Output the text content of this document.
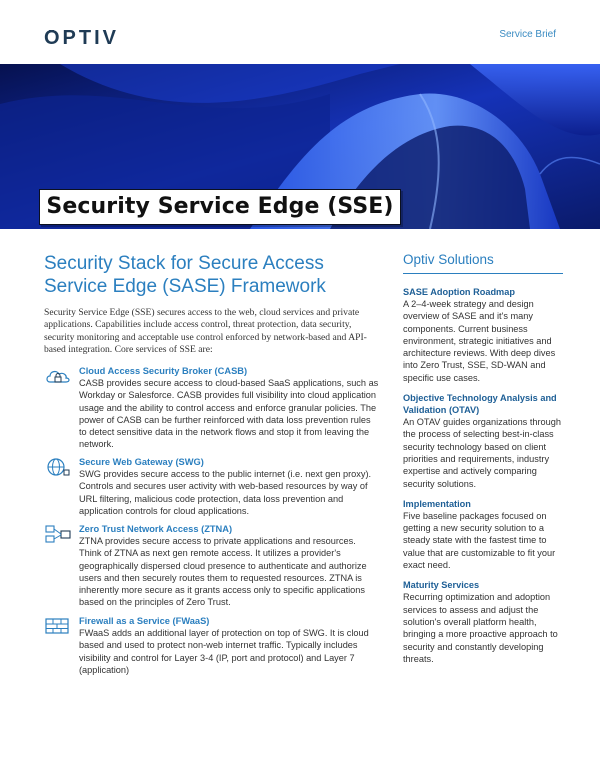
OPTIV	Service Brief
Security Service Edge (SSE)
Security Stack for Secure Access Service Edge (SASE) Framework

Security Service Edge (SSE) secures access to the web, cloud services and private applications. Capabilities include access control, threat protection, data security, security monitoring and acceptable use control enforced by network-based and API-based integration. Core services of SSE are:

Cloud Access Security Broker (CASB)

CASB provides secure access to cloud-based SaaS applications, such as Workday or Salesforce. CASB provides full visibility into cloud application usage and the ability to control access and enforce granular policies. The power of CASB can be further reinforced with data loss prevention rules to detect sensitive data in the network flows and stop it from leaving the network.

Secure Web Gateway (SWG)

SWG provides secure access to the public internet (i.e. next gen proxy). Controls and secures user activity with web-based resources by way of URL filtering, malicious code protection, data loss prevention and application controls for cloud applications.

Zero Trust Network Access (ZTNA)

ZTNA provides secure access to private applications and resources. Think of ZTNA as next gen remote access. It utilizes a provider's geographically dispersed cloud presence to authenticate and authorize users and then securely routes them to requested resources. ZTNA is inherently more secure as it grants access only to specific applications based on the principles of Zero Trust.

Firewall as a Service (FWaaS)

FWaaS adds an additional layer of protection on top of SWG. It is cloud based and used to protect non-web internet traffic. Typically includes visibility and control for Layer 3-4 (IP, port and protocol) and Layer 7 (application)

Optiv Solutions
SASE Adoption Roadmap

A 2–4-week strategy and design overview of SASE and it's many components. Current business environment, strategic initiatives and architecture reviews. With deep dives into Zero Trust, SSE, SD-WAN and specific use cases.

Objective Technology Analysis and Validation (OTAV)

An OTAV guides organizations through the process of selecting best-in-class security technology based on client priorities and requirements, industry expertise and actively comparing security solutions.

Implementation

Five baseline packages focused on getting a new security solution to a steady state with the fastest time to value that are customizable to fit your exact need.

Maturity Services

Recurring optimization and adoption services to assess and adjust the solution's overall platform health, bringing a more proactive approach to security and constantly developing threats.
